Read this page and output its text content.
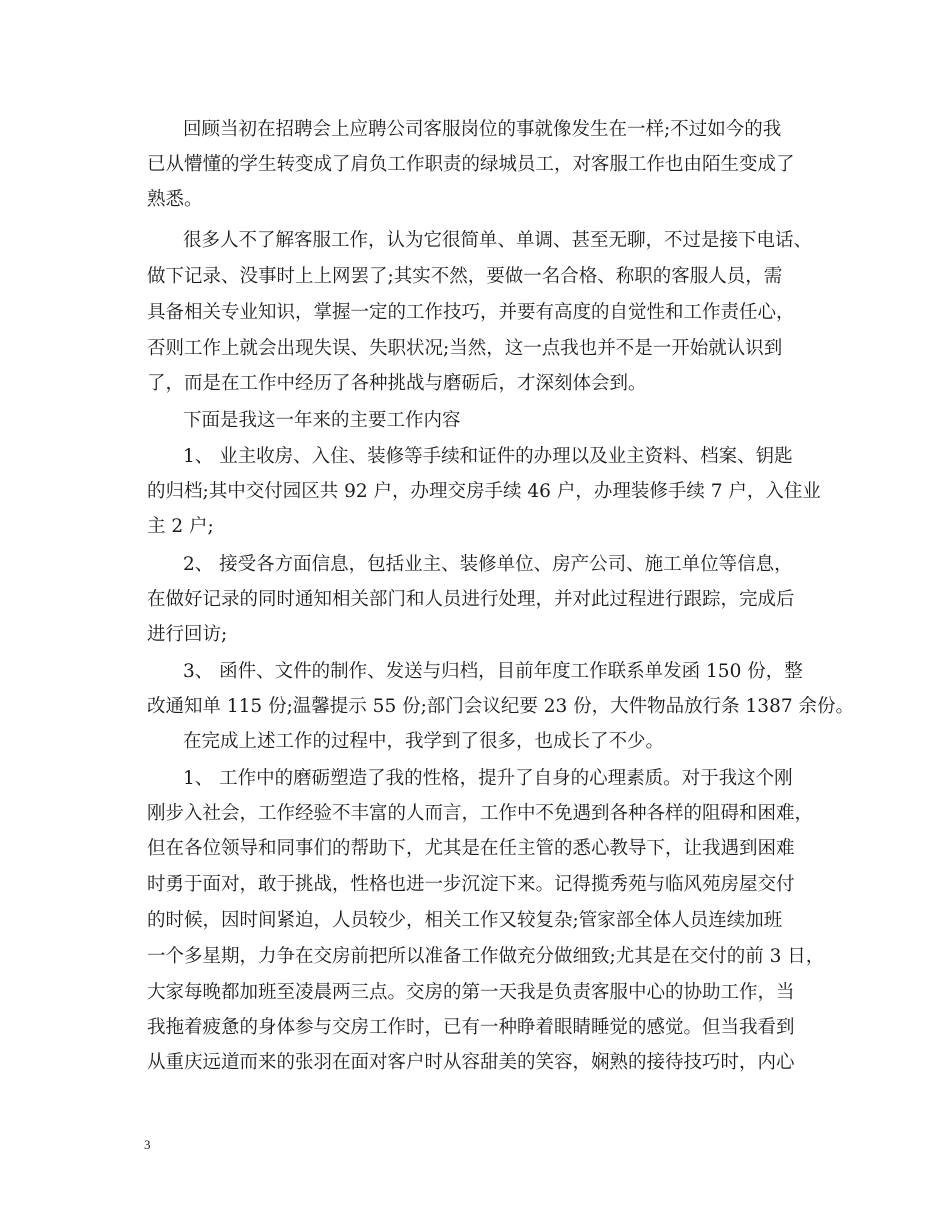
回顾当初在招聘会上应聘公司客服岗位的事就像发生在一样;不过如今的我
已从懵懂的学生转变成了肩负工作职责的绿城员工，对客服工作也由陌生变成了
熟悉。
很多人不了解客服工作，认为它很简单、单调、甚至无聊，不过是接下电话、
做下记录、没事时上上网罢了;其实不然，要做一名合格、称职的客服人员，需
具备相关专业知识，掌握一定的工作技巧，并要有高度的自觉性和工作责任心，
否则工作上就会出现失误、失职状况;当然，这一点我也并不是一开始就认识到
了，而是在工作中经历了各种挑战与磨砺后，才深刻体会到。
下面是我这一年来的主要工作内容
1、 业主收房、入住、装修等手续和证件的办理以及业主资料、档案、钥匙
的归档;其中交付园区共 92 户，办理交房手续 46 户，办理装修手续 7 户，入住业
主 2 户;
2、 接受各方面信息，包括业主、装修单位、房产公司、施工单位等信息，
在做好记录的同时通知相关部门和人员进行处理，并对此过程进行跟踪，完成后
进行回访;
3、 函件、文件的制作、发送与归档，目前年度工作联系单发函 150 份，整
改通知单 115 份;温馨提示 55 份;部门会议纪要 23 份，大件物品放行条 1387 余份。
在完成上述工作的过程中，我学到了很多，也成长了不少。
1、 工作中的磨砺塑造了我的性格，提升了自身的心理素质。对于我这个刚
刚步入社会，工作经验不丰富的人而言，工作中不免遇到各种各样的阻碍和困难，
但在各位领导和同事们的帮助下，尤其是在任主管的悉心教导下，让我遇到困难
时勇于面对，敢于挑战，性格也进一步沉淀下来。记得揽秀苑与临风苑房屋交付
的时候，因时间紧迫，人员较少，相关工作又较复杂;管家部全体人员连续加班
一个多星期，力争在交房前把所以准备工作做充分做细致;尤其是在交付的前 3 日，
大家每晚都加班至凌晨两三点。交房的第一天我是负责客服中心的协助工作，当
我拖着疲惫的身体参与交房工作时，已有一种睁着眼睛睡觉的感觉。但当我看到
从重庆远道而来的张羽在面对客户时从容甜美的笑容，娴熟的接待技巧时，内心
3
